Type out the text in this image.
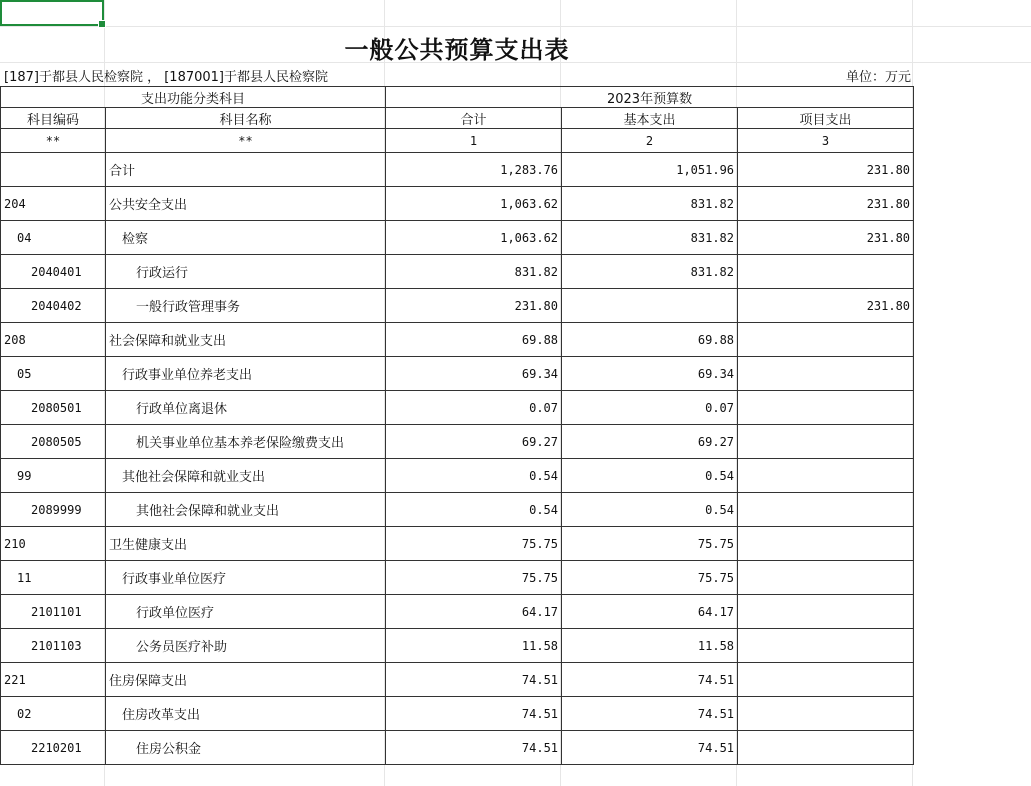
一般公共预算支出表
[187]于都县人民检察院 ， [187001]于都县人民检察院	单位：万元
支出功能分类科目		2023年预算数		
科目编码	科目名称	合计	基本支出	项目支出
**	**	1	2	3
	合计	1,283.76	1,051.96	231.80
204	公共安全支出	1,063.62	831.82	231.80
04	检察	1,063.62	831.82	231.80
2040401	行政运行	831.82	831.82	
2040402	一般行政管理事务	231.80		231.80
208	社会保障和就业支出	69.88	69.88	
05	行政事业单位养老支出	69.34	69.34	
2080501	行政单位离退休	0.07	0.07	
2080505	机关事业单位基本养老保险缴费支出	69.27	69.27	
99	其他社会保障和就业支出	0.54	0.54	
2089999	其他社会保障和就业支出	0.54	0.54	
210	卫生健康支出	75.75	75.75	
11	行政事业单位医疗	75.75	75.75	
2101101	行政单位医疗	64.17	64.17	
2101103	公务员医疗补助	11.58	11.58	
221	住房保障支出	74.51	74.51	
02	住房改革支出	74.51	74.51	
2210201	住房公积金	74.51	74.51	
